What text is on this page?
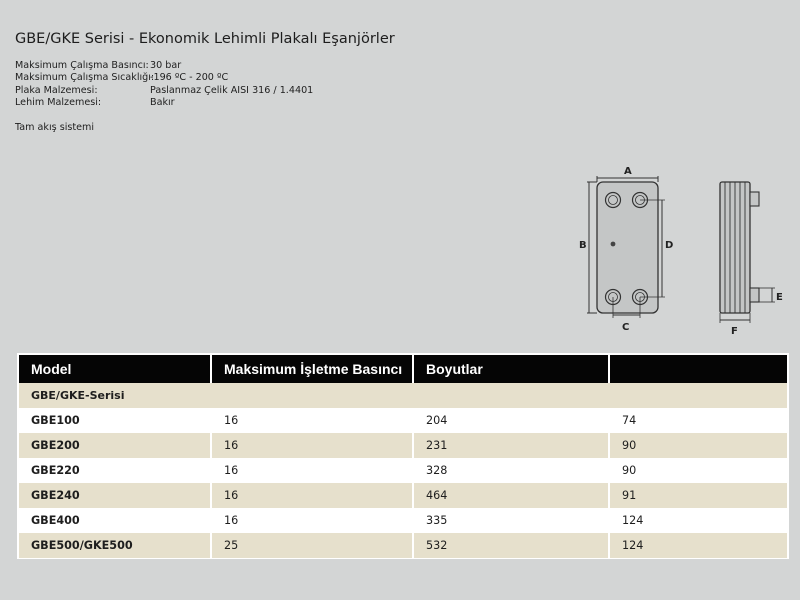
GBE/GKE Serisi - Ekonomik Lehimli Plakalı Eşanjörler
Maksimum Çalışma Basıncı: 30 bar
Maksimum Çalışma Sıcaklığı:
-196 ºC - 200 ºC
Plaka Malzemesi:	Paslanmaz Çelik AISI 316 / 1.4401
Lehim Malzemesi:	Bakır
Tam akış sistemi
A
B	D
C
E
F
Model	Maksimum İşletme Basıncı	Boyutlar	
GBE/GKE-Serisi			
GBE100	16	204	74
GBE200	16	231	90
GBE220	16	328	90
GBE240	16	464	91
GBE400	16	335	124
GBE500/GKE500	25	532	124
